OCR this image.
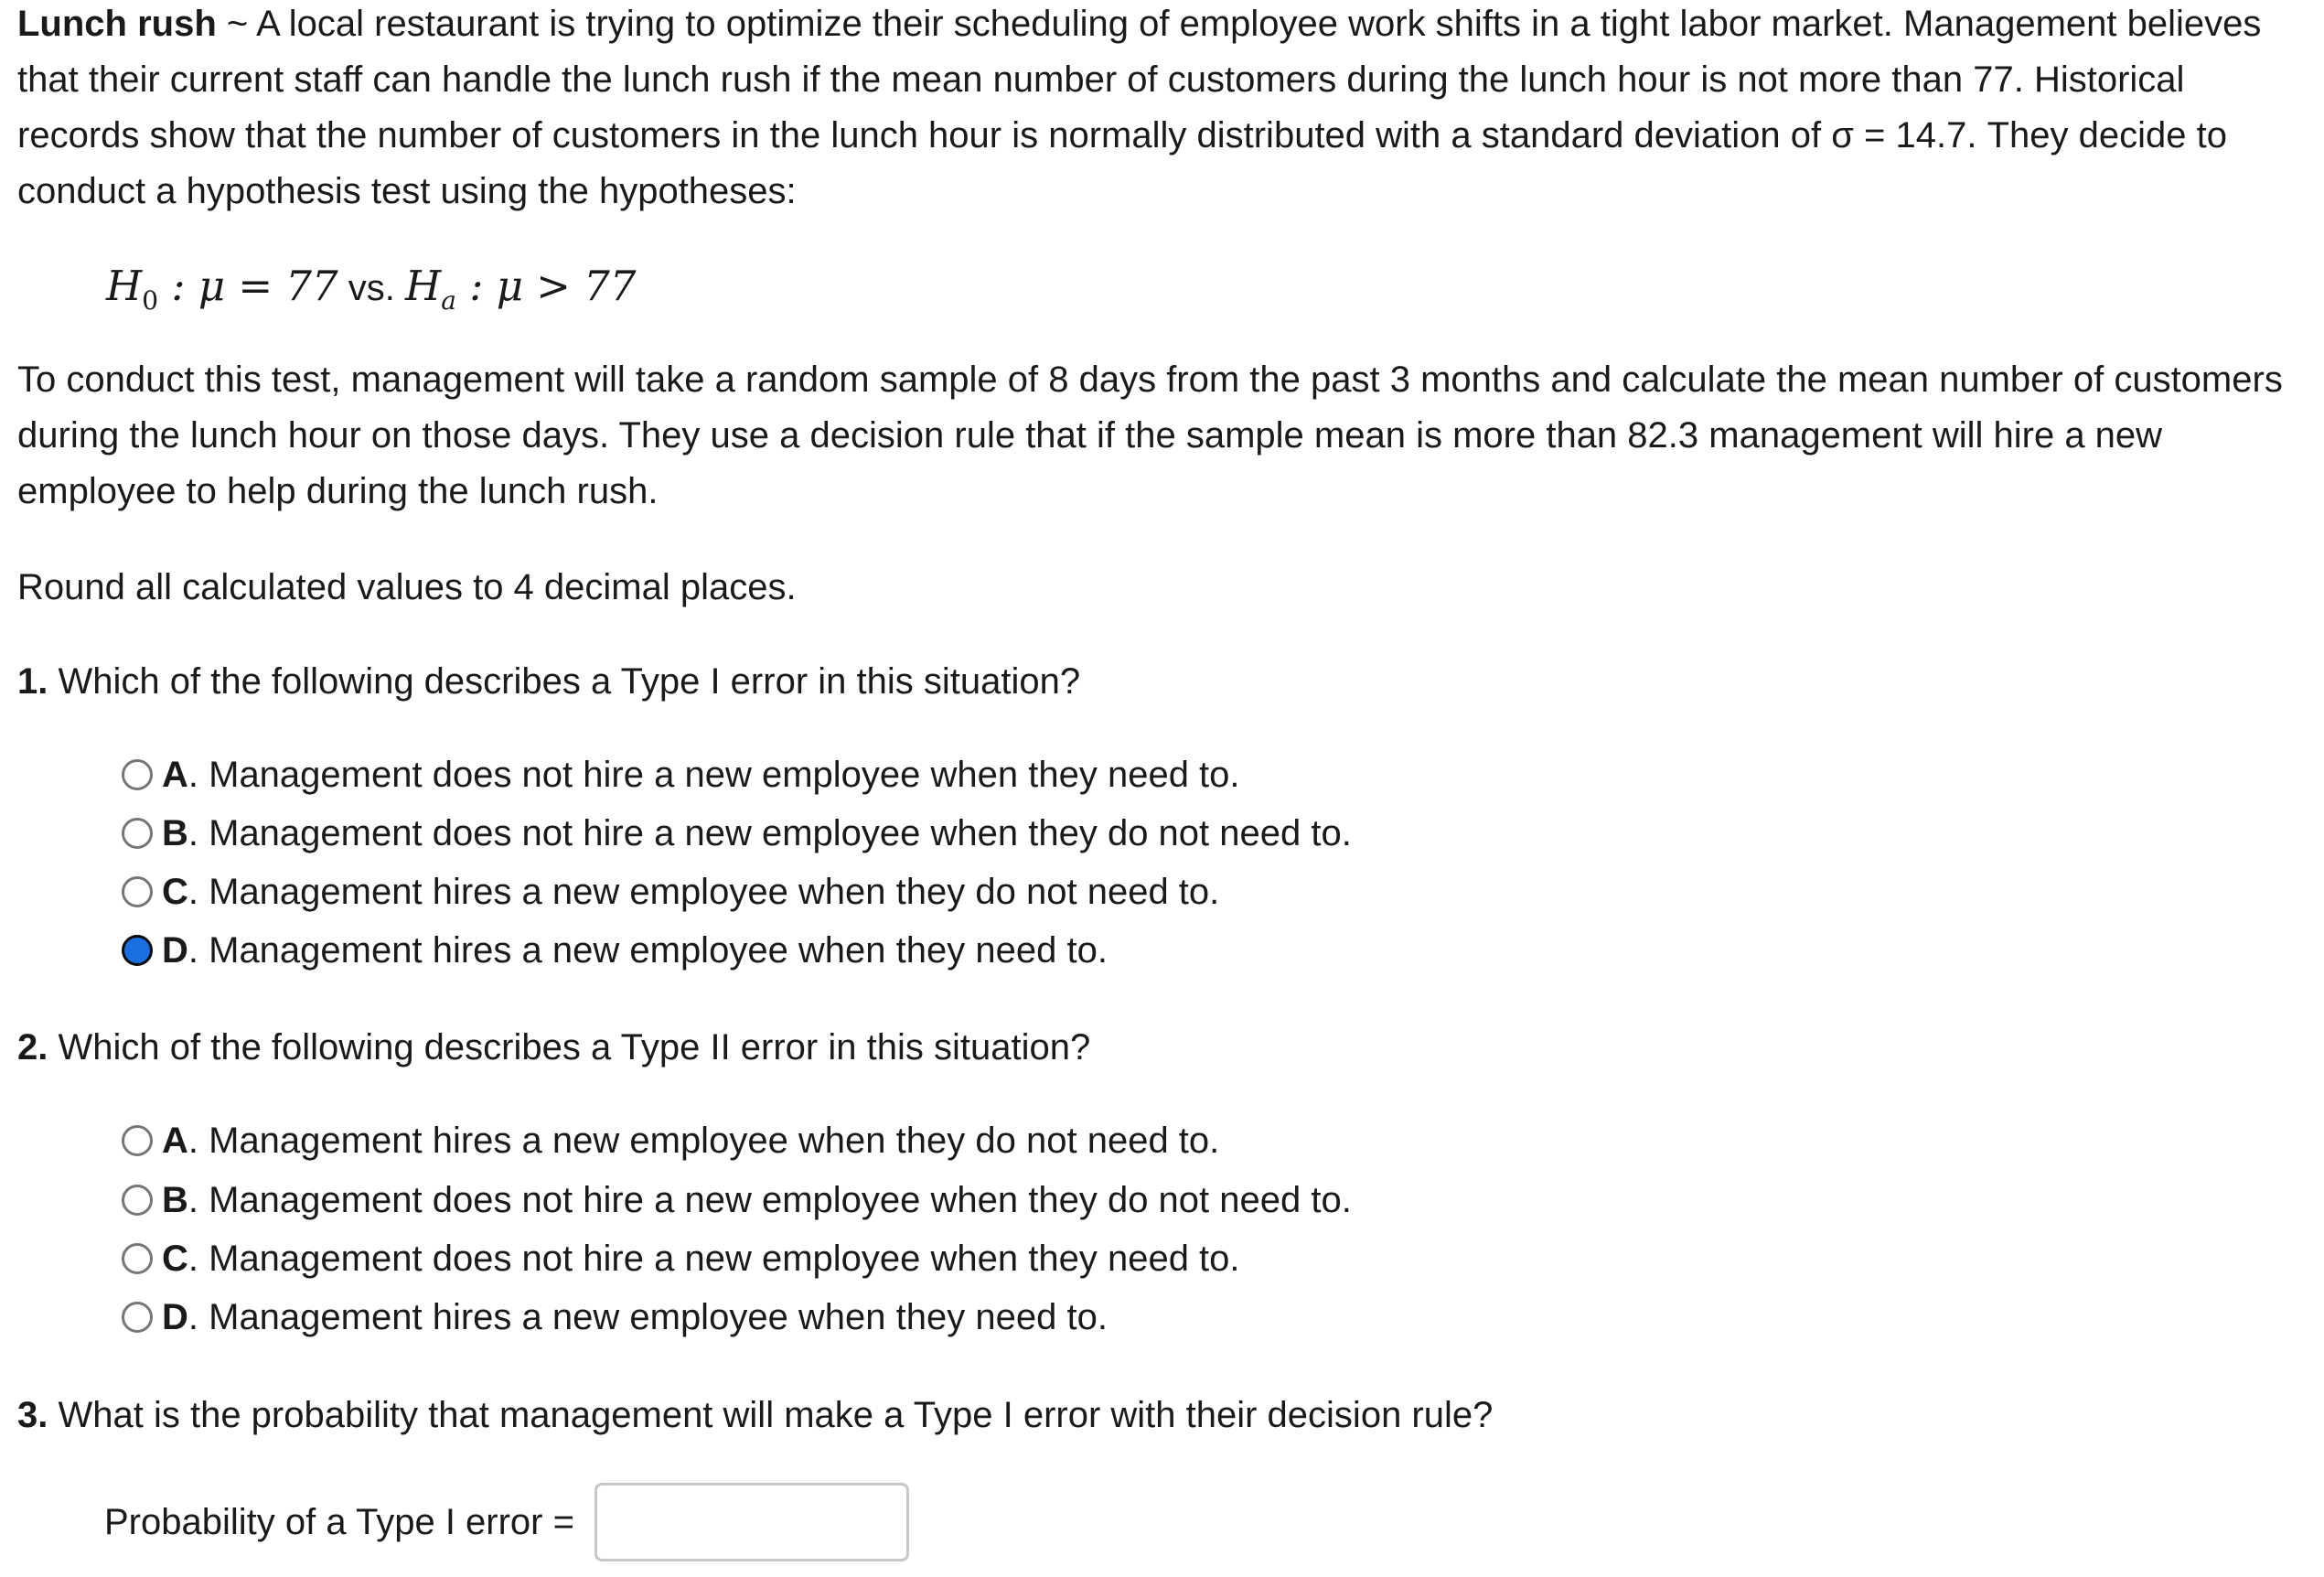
Lunch rush ~ A local restaurant is trying to optimize their scheduling of employee work shifts in a tight labor market. Management believes that their current staff can handle the lunch rush if the mean number of customers during the lunch hour is not more than 77. Historical records show that the number of customers in the lunch hour is normally distributed with a standard deviation of σ = 14.7. They decide to conduct a hypothesis test using the hypotheses:

$H_0$ : μ = 77 vs. $H_a$ : μ > 77

To conduct this test, management will take a random sample of 8 days from the past 3 months and calculate the mean number of customers during the lunch hour on those days. They use a decision rule that if the sample mean is more than 82.3 management will hire a new employee to help during the lunch rush.

Round all calculated values to 4 decimal places.

1. Which of the following describes a Type I error in this situation?

A . Management does not hire a new employee when they need to.
B . Management does not hire a new employee when they do not need to.
C . Management hires a new employee when they do not need to.
D . Management hires a new employee when they need to.

2. Which of the following describes a Type II error in this situation?

A . Management hires a new employee when they do not need to.
B . Management does not hire a new employee when they do not need to.
C . Management does not hire a new employee when they need to.
D . Management hires a new employee when they need to.

3. What is the probability that management will make a Type I error with their decision rule?

Probability of a Type I error =
